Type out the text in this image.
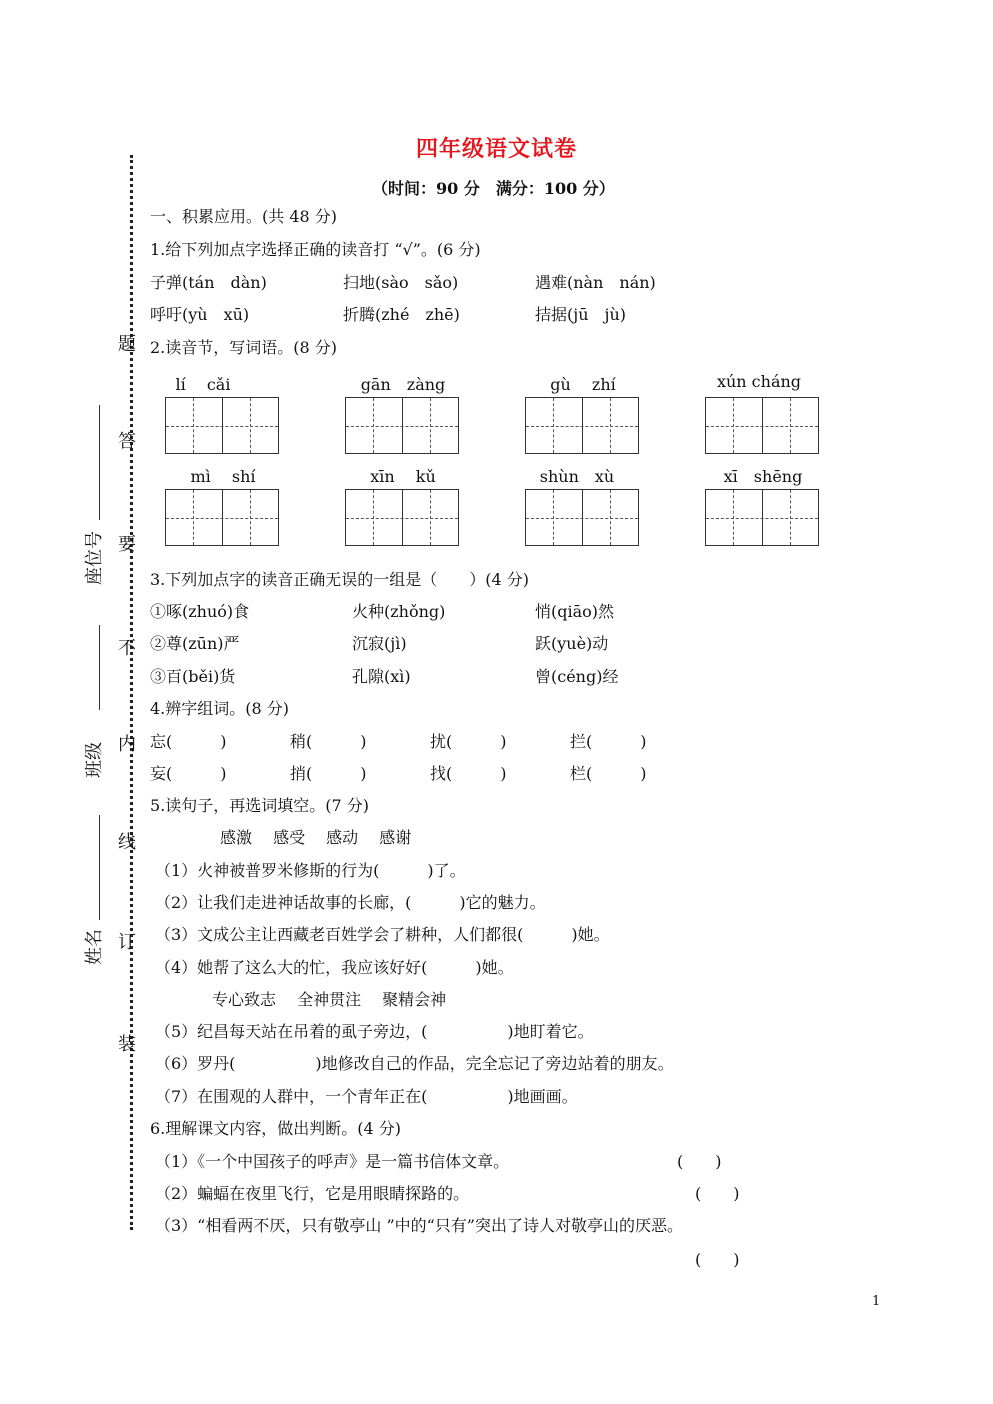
四年级语文试卷
（时间：90 分　满分：100 分）
题
答
要
不
内
线
订
装
座位号
班级
姓名
一、积累应用。(共 48 分)
1.给下列加点字选择正确的读音打 “√”。(6 分)
子弹(tán　dàn)	扫地(sào　sǎo)	遇难(nàn　nán)
呼吁(yù　xū)	折腾(zhé　zhē)	拮据(jū　jù)
2.读音节，写词语。(8 分)
lí　 cǎi	gān　zàng	gù　 zhí	xún cháng
mì　 shí	xīn　 kǔ	shùn　xù	xī　shēng
3.下列加点字的读音正确无误的一组是（　　）(4 分)
①啄(zhuó)食	火种(zhǒng)	悄(qiāo)然
②尊(zūn)严	沉寂(jì)	跃(yuè)动
③百(běi)货	孔隙(xì)	曾(céng)经
4.辨字组词。(8 分)
忘(　　　)	稍(　　　)	扰(　　　)	拦(　　　)
妄(　　　)	捎(　　　)	找(　　　)	栏(　　　)
5.读句子，再选词填空。(7 分)
感激　 感受　 感动　 感谢
（1）火神被普罗米修斯的行为(　　　)了。
（2）让我们走进神话故事的长廊，(　　　)它的魅力。
（3）文成公主让西藏老百姓学会了耕种，人们都很(　　　)她。
（4）她帮了这么大的忙，我应该好好(　　　)她。
专心致志　 全神贯注　 聚精会神
（5）纪昌每天站在吊着的虱子旁边，(　　　　　)地盯着它。
（6）罗丹(　　　　　)地修改自己的作品，完全忘记了旁边站着的朋友。
（7）在围观的人群中，一个青年正在(　　　　　)地画画。
6.理解课文内容，做出判断。(4 分)
（1）《一个中国孩子的呼声》是一篇书信体文章。	(　　)
（2）蝙蝠在夜里飞行，它是用眼睛探路的。	(　　)
（3）“相看两不厌，只有敬亭山 ”中的“只有”突出了诗人对敬亭山的厌恶。
(　　)
1
